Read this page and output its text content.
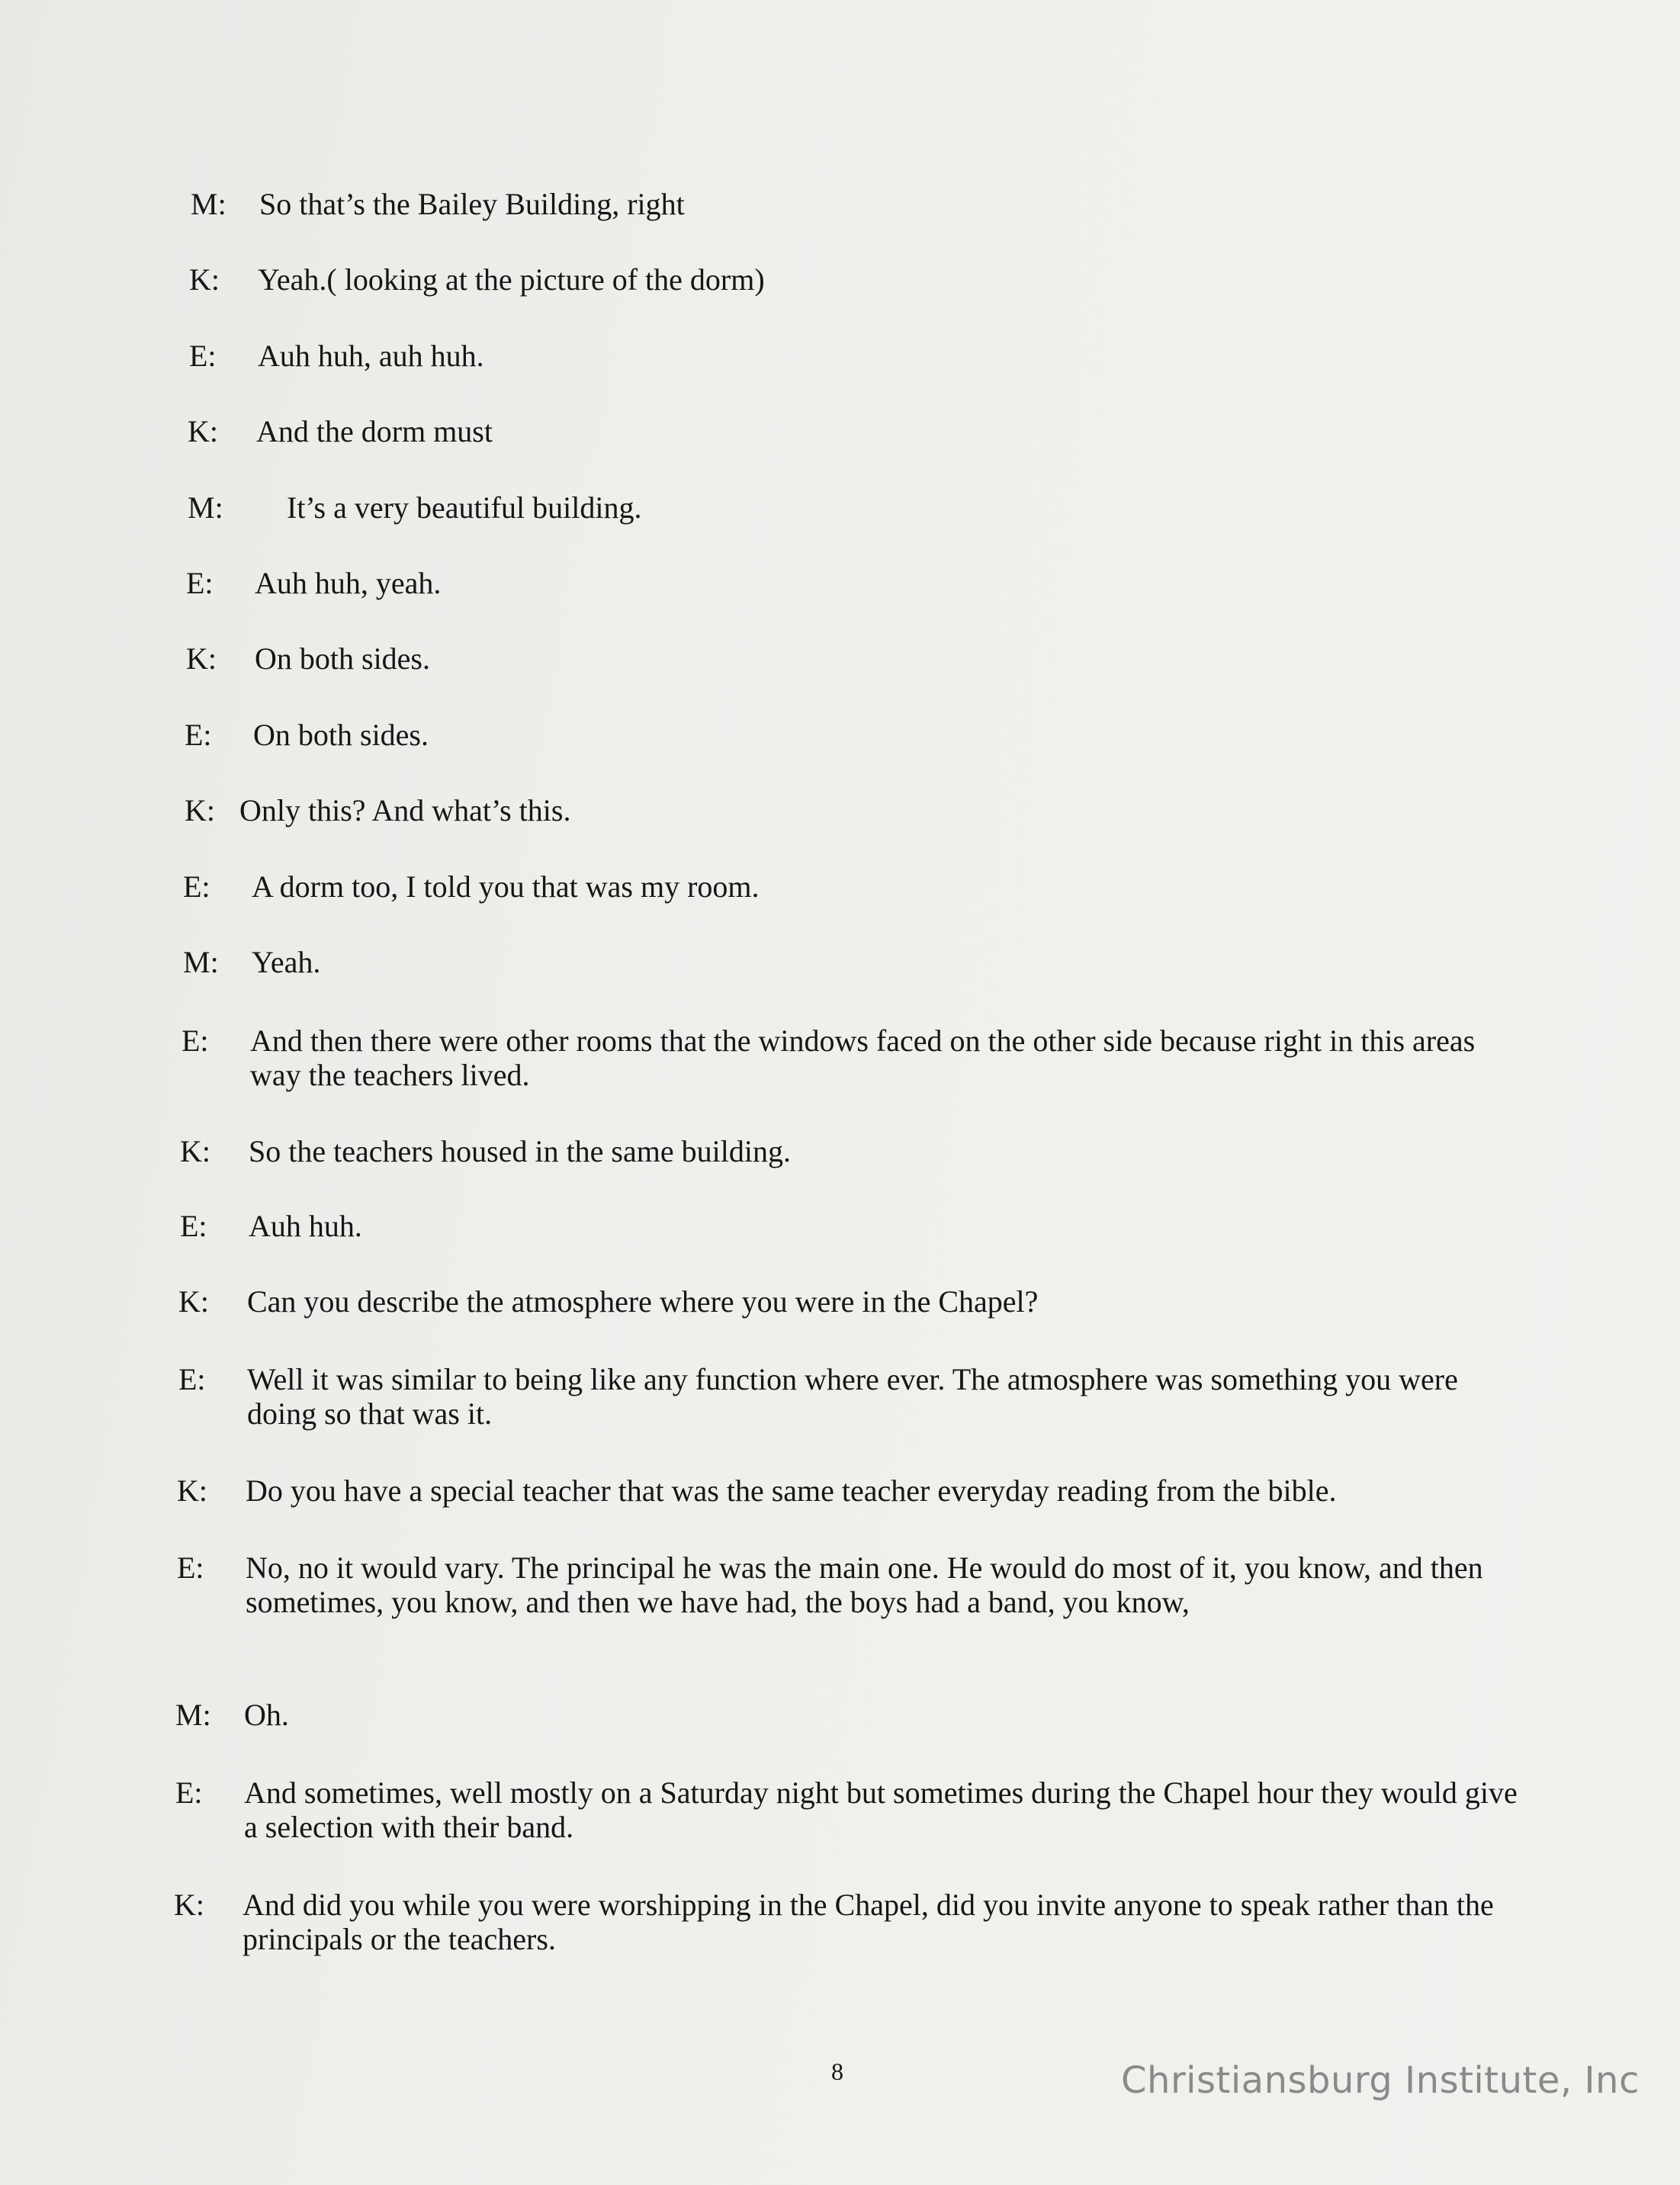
M:	So that’s the Bailey Building, right
K:	Yeah.( looking at the picture of the dorm)
E:	Auh huh, auh huh.
K:	And the dorm must
M:	It’s a very beautiful building.
E:	Auh huh, yeah.
K:	On both sides.
E:	On both sides.
K: Only this? And what’s this.
E:	A dorm too, I told you that was my room.
M:	Yeah.
E:	And then there were other rooms that the windows faced on the other side because right in this areas way the teachers lived.
K:	So the teachers housed in the same building.
E:	Auh huh.
K:	Can you describe the atmosphere where you were in the Chapel?
E:	Well it was similar to being like any function where ever. The atmosphere was something you were doing so that was it.
K:	Do you have a special teacher that was the same teacher everyday reading from the bible.
E:	No, no it would vary. The principal he was the main one. He would do most of it, you know, and then sometimes, you know, and then we have had, the boys had a band, you know,
M:	Oh.
E:	And sometimes, well mostly on a Saturday night but sometimes during the Chapel hour they would give a selection with their band.
K:	And did you while you were worshipping in the Chapel, did you invite anyone to speak rather than the principals or the teachers.
8	Christiansburg Institute, Inc
